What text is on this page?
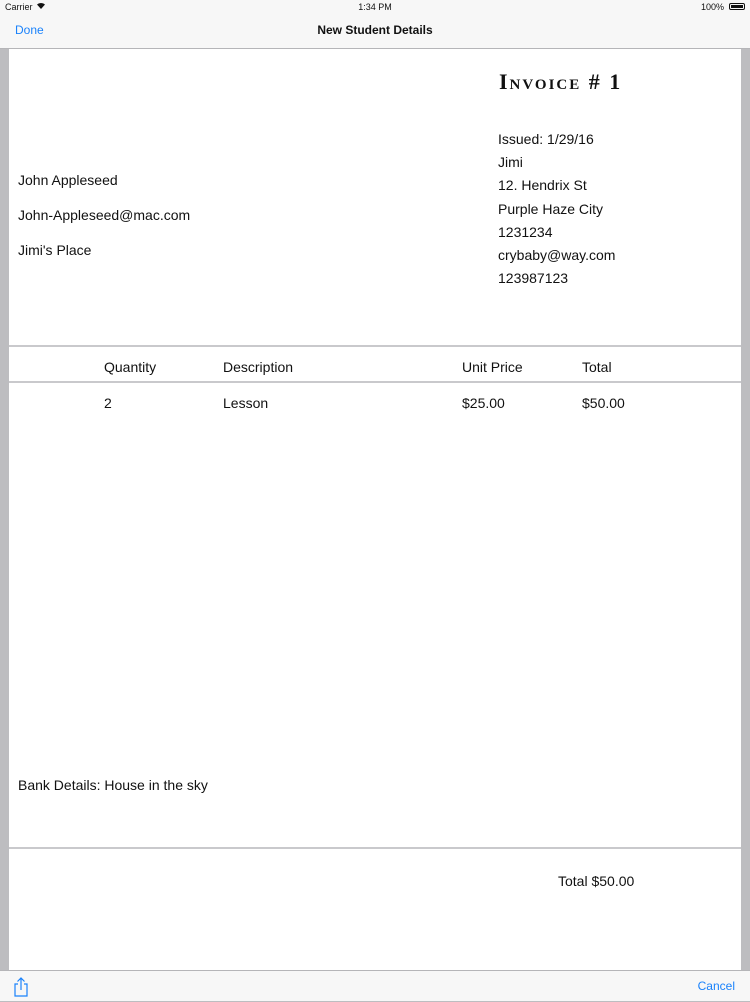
Carrier	1:34 PM	100%
Done	New Student Details
Invoice # 1
John Appleseed
John-Appleseed@mac.com
Jimi's Place
Issued: 1/29/16
Jimi
12. Hendrix St
Purple Haze City
1231234
crybaby@way.com
123987123
Quantity	Description	Unit Price	Total
2	Lesson	$25.00	$50.00
Bank Details: House in the sky
Total $50.00
Cancel
